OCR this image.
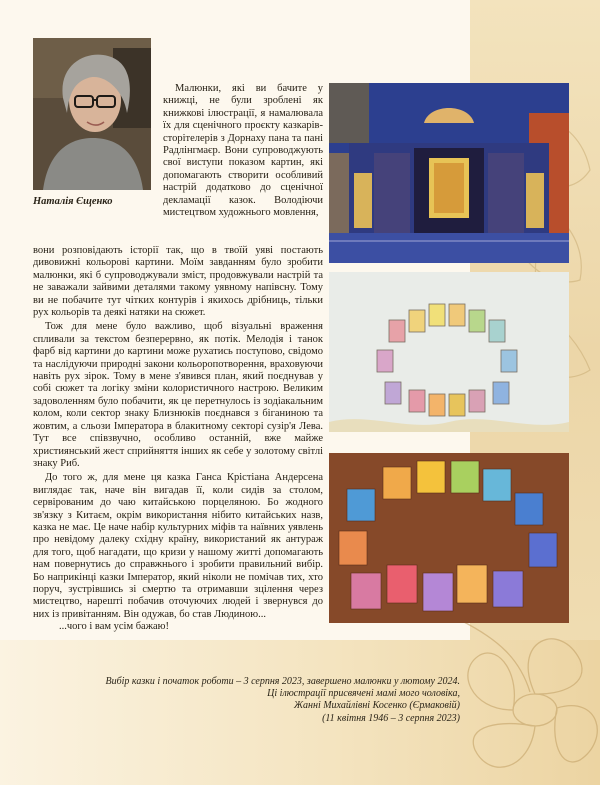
Наталія Єщенко

Малюнки, які ви бачите у книжці, не були зроблені як книжкові ілюстрації, я намалювала їх для сценічного проєкту казкарів-сторітелерів з Дорнаху пана та пані Радлінгмаєр. Вони супроводжують свої виступи показом картин, які допомагають створити особливий настрій додатково до сценічної декламації казок. Володіючи мистецтвом художнього мовлення,

вони розповідають історії так, що в твоїй уяві постають дивовижні кольорові картини. Моїм завданням було зробити малюнки, які б супроводжували зміст, продовжували настрій та не заважали зайвими деталями такому уявному напівсну. Тому ви не побачите тут чітких контурів і якихось дрібниць, тільки рух кольорів та деякі натяки на сюжет.

Тож для мене було важливо, щоб візуальні враження спливали за текстом безперервно, як потік. Мелодія і танок фарб від картини до картини може рухатись поступово, свідомо та наслідуючи природні закони кольоропотворення, враховуючи навіть рух зірок. Тому в мене з'явився план, який поєднував у собі сюжет та логіку зміни колористичного настрою. Великим задоволенням було побачити, як це перетнулось із зодіакальним колом, коли сектор знаку Близнюків поєднався з біганиною та жовтим, а сльози Імператора в блакитному секторі сузір'я Лева. Тут все співзвучно, особливо останній, вже майже християнський жест сприйняття інших як себе у золотому світлі знаку Риб.

До того ж, для мене ця казка Ганса Крістіана Андерсена виглядає так, наче він вигадав її, коли сидів за столом, сервірованим до чаю китайською порцеляною. Бо жодного зв'язку з Китаєм, окрім використання нібито китайських назв, казка не має. Це наче набір культурних міфів та наївних уявлень про невідому далеку східну країну, використаний як антураж для того, щоб нагадати, що кризи у нашому житті допомагають нам повернутись до справжнього і зробити правильний вибір. Бо наприкінці казки Імператор, який ніколи не помічав тих, хто поруч, зустрівшись зі смертю та отримавши зцілення через мистецтво, нарешті побачив оточуючих людей і звернувся до них із привітанням. Він одужав, бо став Людиною...

...чого і вам усім бажаю!

Вибір казки і початок роботи – 3 серпня 2023, завершено малюнки у лютому 2024.
Ці ілюстрації присвячені мамі мого чоловіка,
Жанні Михайлівні Косенко (Єрмаковій)
(11 квітня 1946 – 3 серпня 2023)
